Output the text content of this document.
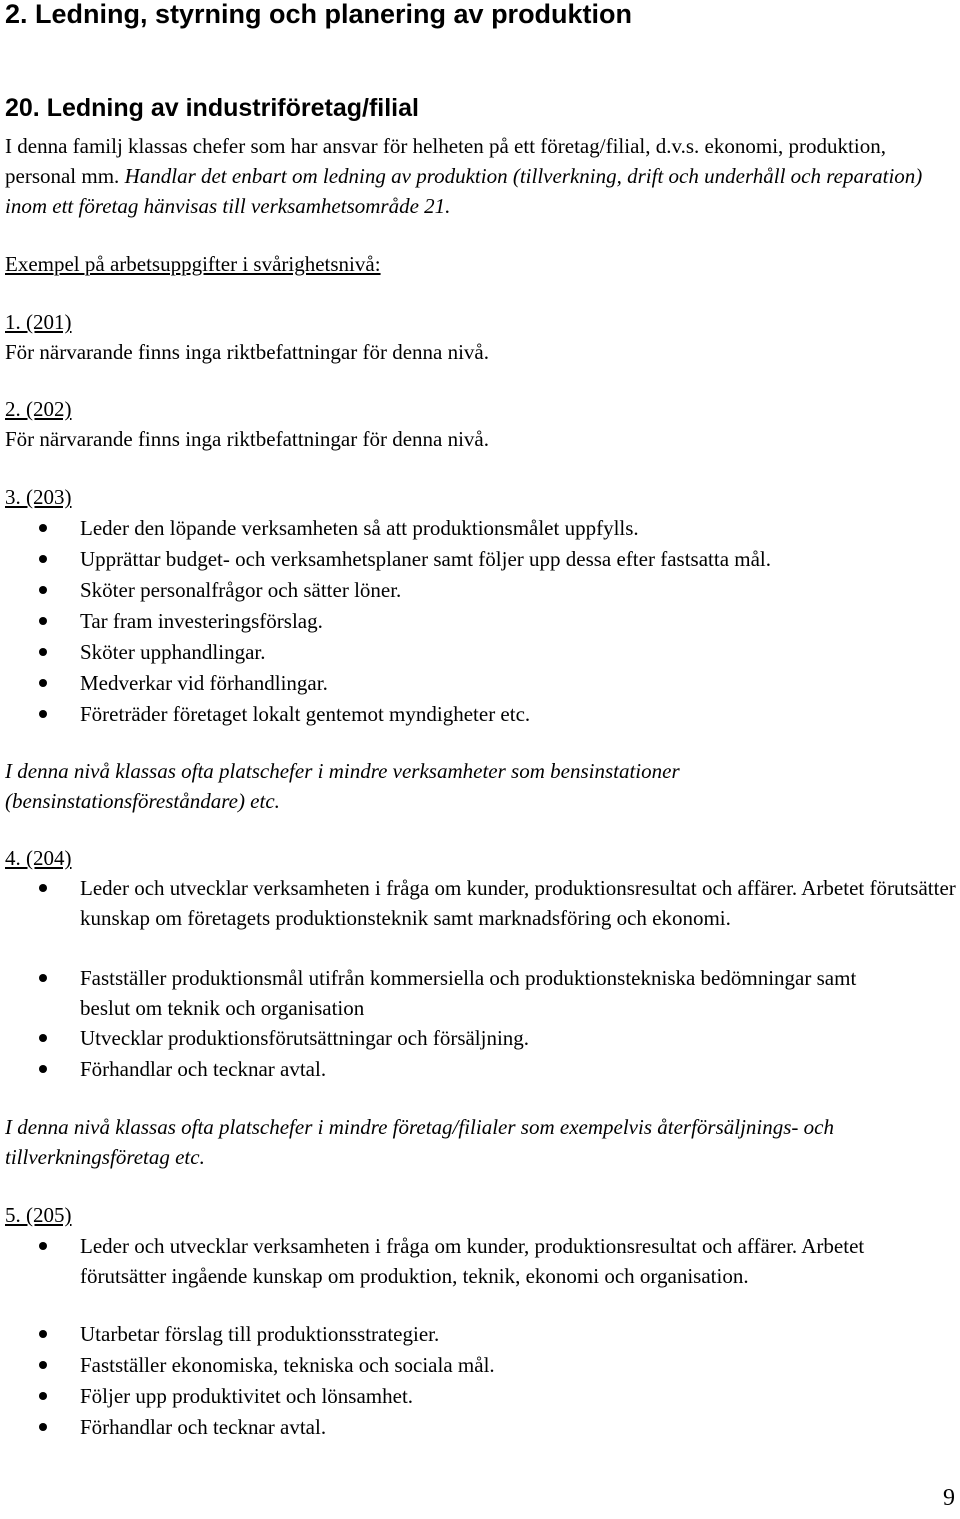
2. Ledning, styrning och planering av produktion
20. Ledning av industriföretag/filial
I denna familj klassas chefer som har ansvar för helheten på ett företag/filial, d.v.s. ekonomi, produktion, personal mm. Handlar det enbart om ledning av produktion (tillverkning, drift och underhåll och reparation) inom ett företag hänvisas till verksamhetsområde 21.
Exempel på arbetsuppgifter i svårighetsnivå:
1. (201)
För närvarande finns inga riktbefattningar för denna nivå.
2. (202)
För närvarande finns inga riktbefattningar för denna nivå.
3. (203)
Leder den löpande verksamheten så att produktionsmålet uppfylls.
Upprättar budget- och verksamhetsplaner samt följer upp dessa efter fastsatta mål.
Sköter personalfrågor och sätter löner.
Tar fram investeringsförslag.
Sköter upphandlingar.
Medverkar vid förhandlingar.
Företräder företaget lokalt gentemot myndigheter etc.
I denna nivå klassas ofta platschefer i mindre verksamheter som bensinstationer (bensinstationsföreståndare) etc.
4. (204)
Leder och utvecklar verksamheten i fråga om kunder, produktionsresultat och affärer. Arbetet förutsätter kunskap om företagets produktionsteknik samt marknadsföring och ekonomi.
Fastställer produktionsmål utifrån kommersiella och produktionstekniska bedömningar samt beslut om teknik och organisation
Utvecklar produktionsförutsättningar och försäljning.
Förhandlar och tecknar avtal.
I denna nivå klassas ofta platschefer i mindre företag/filialer som exempelvis återförsäljnings- och tillverkningsföretag etc.
5. (205)
Leder och utvecklar verksamheten i fråga om kunder, produktionsresultat och affärer. Arbetet förutsätter ingående kunskap om produktion, teknik, ekonomi och organisation.
Utarbetar förslag till produktionsstrategier.
Fastställer ekonomiska, tekniska och sociala mål.
Följer upp produktivitet och lönsamhet.
Förhandlar och tecknar avtal.
9
